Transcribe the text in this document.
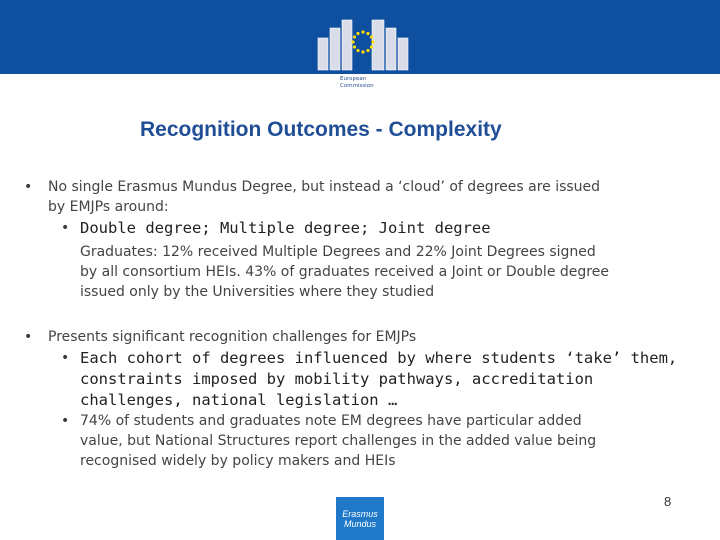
European
Commission
Recognition Outcomes - Complexity
• No single Erasmus Mundus Degree, but instead a ‘cloud’ of degrees are issued
by EMJPs around:
• Double degree; Multiple degree; Joint degree
Graduates: 12% received Multiple Degrees and 22% Joint Degrees signed
by all consortium HEIs. 43% of graduates received a Joint or Double degree
issued only by the Universities where they studied
• Presents significant recognition challenges for EMJPs
• Each cohort of degrees influenced by where students ‘take’ them,
constraints imposed by mobility pathways, accreditation
challenges, national legislation …
• 74% of students and graduates note EM degrees have particular added
value, but National Structures report challenges in the added value being
recognised widely by policy makers and HEIs
Erasmus
Mundus
8
